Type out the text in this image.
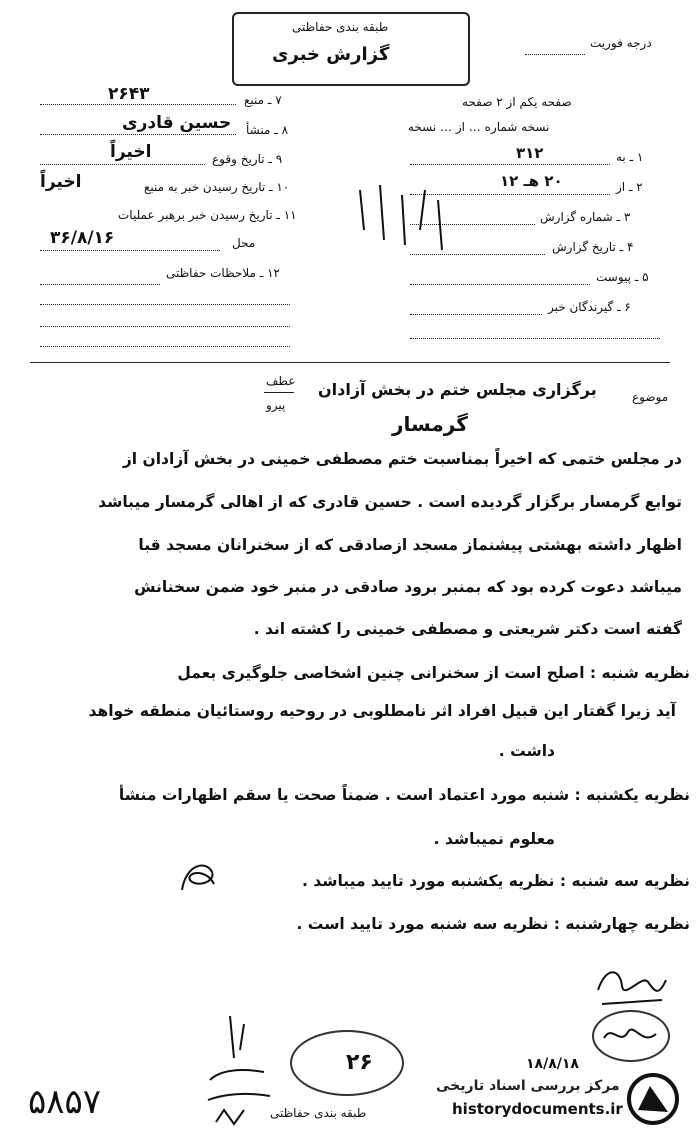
طبقه بندی حفاظتی
گزارش خبری
درجه فوریت
صفحه یکم از ۲ صفحه
نسخه شماره … از … نسخه
۱ ـ به
۳۱۲
۲ ـ از
۲۰ هـ ۱۲
۳ ـ شماره گزارش
۴ ـ تاریخ گزارش
۵ ـ پیوست
۶ ـ گیرندگان خبر
۷ ـ منبع
۲۶۴۳
۸ ـ منشأ
حسین قادری
۹ ـ تاریخ وقوع
اخیراً
۱۰ ـ تاریخ رسیدن خبر به منبع
اخیراً
۱۱ ـ تاریخ رسیدن خبر برهبر عملیات
محل
۳۶/۸/۱۶
۱۲ ـ ملاحظات حفاظتی
موضوع
عطف
پیرو
برگزاری مجلس ختم در بخش آزادان
گرمسار
در مجلس ختمی که اخیراً بمناسبت ختم مصطفی خمینی در بخش آزادان از
توابع گرمسار برگزار گردیده است . حسین قادری که از اهالی گرمسار میباشد
اظهار داشته بهشتی پیشنماز مسجد ازصادقی که از سخنرانان مسجد قبا
میباشد دعوت کرده بود که بمنبر برود صادقی در منبر خود ضمن سخنانش
گفته است دکتر شریعتی و مصطفی خمینی را کشته اند .
نظریه شنبه : اصلح است از سخنرانی چنین اشخاصی جلوگیری بعمل
آید زیرا گفتار این قبیل افراد اثر نامطلوبی در روحیه روستائیان منطقه خواهد
داشت .
نظریه یکشنبه : شنبه مورد اعتماد است . ضمناً صحت یا سقم اظهارات منشأ
معلوم نمیباشد .
نظریه سه شنبه : نظریه یکشنبه مورد تایید میباشد .
نظریه چهارشنبه : نظریه سه شنبه مورد تایید است .
۵۸۵۷
۲۶	۱۸/۸/۱۸
طبقه بندی حفاظتی
مرکز بررسی اسناد تاریخی
historydocuments.ir
